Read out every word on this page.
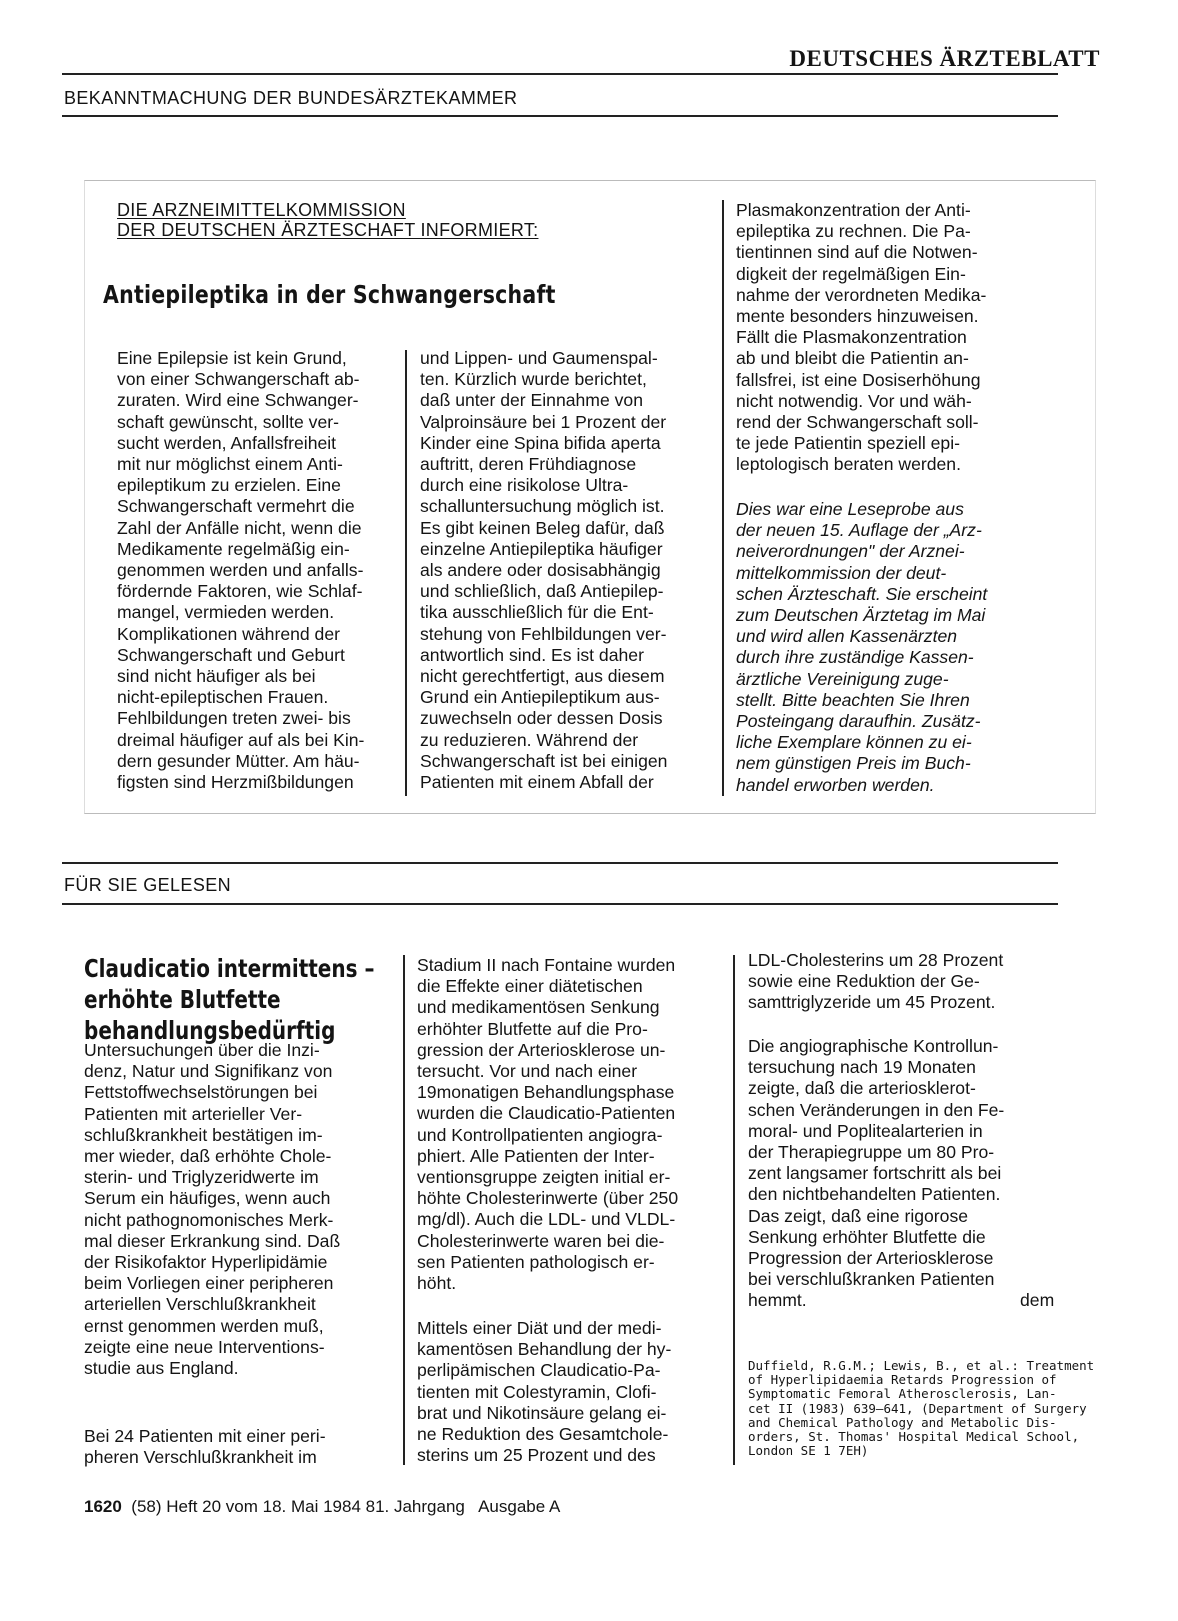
DEUTSCHES ÄRZTEBLATT
BEKANNTMACHUNG DER BUNDESÄRZTEKAMMER
DIE ARZNEIMITTELKOMMISSION
DER DEUTSCHEN ÄRZTESCHAFT INFORMIERT:
Antiepileptika in der Schwangerschaft
Eine Epilepsie ist kein Grund,
von einer Schwangerschaft ab-
zuraten. Wird eine Schwanger-
schaft gewünscht, sollte ver-
sucht werden, Anfallsfreiheit
mit nur möglichst einem Anti-
epileptikum zu erzielen. Eine
Schwangerschaft vermehrt die
Zahl der Anfälle nicht, wenn die
Medikamente regelmäßig ein-
genommen werden und anfalls-
fördernde Faktoren, wie Schlaf-
mangel, vermieden werden.
Komplikationen während der
Schwangerschaft und Geburt
sind nicht häufiger als bei
nicht-epileptischen Frauen.
Fehlbildungen treten zwei- bis
dreimal häufiger auf als bei Kin-
dern gesunder Mütter. Am häu-
figsten sind Herzmißbildungen
und Lippen- und Gaumenspal-
ten. Kürzlich wurde berichtet,
daß unter der Einnahme von
Valproinsäure bei 1 Prozent der
Kinder eine Spina bifida aperta
auftritt, deren Frühdiagnose
durch eine risikolose Ultra-
schalluntersuchung möglich ist.
Es gibt keinen Beleg dafür, daß
einzelne Antiepileptika häufiger
als andere oder dosisabhängig
und schließlich, daß Antiepilep-
tika ausschließlich für die Ent-
stehung von Fehlbildungen ver-
antwortlich sind. Es ist daher
nicht gerechtfertigt, aus diesem
Grund ein Antiepileptikum aus-
zuwechseln oder dessen Dosis
zu reduzieren. Während der
Schwangerschaft ist bei einigen
Patienten mit einem Abfall der
Plasmakonzentration der Anti-
epileptika zu rechnen. Die Pa-
tientinnen sind auf die Notwen-
digkeit der regelmäßigen Ein-
nahme der verordneten Medika-
mente besonders hinzuweisen.
Fällt die Plasmakonzentration
ab und bleibt die Patientin an-
fallsfrei, ist eine Dosiserhöhung
nicht notwendig. Vor und wäh-
rend der Schwangerschaft soll-
te jede Patientin speziell epi-
leptologisch beraten werden.
Dies war eine Leseprobe aus
der neuen 15. Auflage der „Arz-
neiverordnungen" der Arznei-
mittelkommission der deut-
schen Ärzteschaft. Sie erscheint
zum Deutschen Ärztetag im Mai
und wird allen Kassenärzten
durch ihre zuständige Kassen-
ärztliche Vereinigung zuge-
stellt. Bitte beachten Sie Ihren
Posteingang daraufhin. Zusätz-
liche Exemplare können zu ei-
nem günstigen Preis im Buch-
handel erworben werden.
FÜR SIE GELESEN
Claudicatio intermittens –
erhöhte Blutfette
behandlungsbedürftig
Untersuchungen über die Inzi-
denz, Natur und Signifikanz von
Fettstoffwechselstörungen bei
Patienten mit arterieller Ver-
schlußkrankheit bestätigen im-
mer wieder, daß erhöhte Chole-
sterin- und Triglyzeridwerte im
Serum ein häufiges, wenn auch
nicht pathognomonisches Merk-
mal dieser Erkrankung sind. Daß
der Risikofaktor Hyperlipidämie
beim Vorliegen einer peripheren
arteriellen Verschlußkrankheit
ernst genommen werden muß,
zeigte eine neue Interventions-
studie aus England.
Bei 24 Patienten mit einer peri-
pheren Verschlußkrankheit im
Stadium II nach Fontaine wurden
die Effekte einer diätetischen
und medikamentösen Senkung
erhöhter Blutfette auf die Pro-
gression der Arteriosklerose un-
tersucht. Vor und nach einer
19monatigen Behandlungsphase
wurden die Claudicatio-Patienten
und Kontrollpatienten angiogra-
phiert. Alle Patienten der Inter-
ventionsgruppe zeigten initial er-
höhte Cholesterinwerte (über 250
mg/dl). Auch die LDL- und VLDL-
Cholesterinwerte waren bei die-
sen Patienten pathologisch er-
höht.
Mittels einer Diät und der medi-
kamentösen Behandlung der hy-
perlipämischen Claudicatio-Pa-
tienten mit Colestyramin, Clofi-
brat und Nikotinsäure gelang ei-
ne Reduktion des Gesamtchole-
sterins um 25 Prozent und des
LDL-Cholesterins um 28 Prozent
sowie eine Reduktion der Ge-
samttriglyzeride um 45 Prozent.
Die angiographische Kontrollun-
tersuchung nach 19 Monaten
zeigte, daß die arteriosklerot-
schen Veränderungen in den Fe-
moral- und Poplitealarterien in
der Therapiegruppe um 80 Pro-
zent langsamer fortschritt als bei
den nichtbehandelten Patienten.
Das zeigt, daß eine rigorose
Senkung erhöhter Blutfette die
Progression der Arteriosklerose
bei verschlußkranken Patienten
hemmt.	dem
Duffield, R.G.M.; Lewis, B., et al.: Treatment
of Hyperlipidaemia Retards Progression of
Symptomatic Femoral Atherosclerosis, Lan-
cet II (1983) 639–641, (Department of Surgery
and Chemical Pathology and Metabolic Dis-
orders, St. Thomas' Hospital Medical School,
London SE 1 7EH)
1620 (58) Heft 20 vom 18. Mai 1984 81. Jahrgang   Ausgabe A
